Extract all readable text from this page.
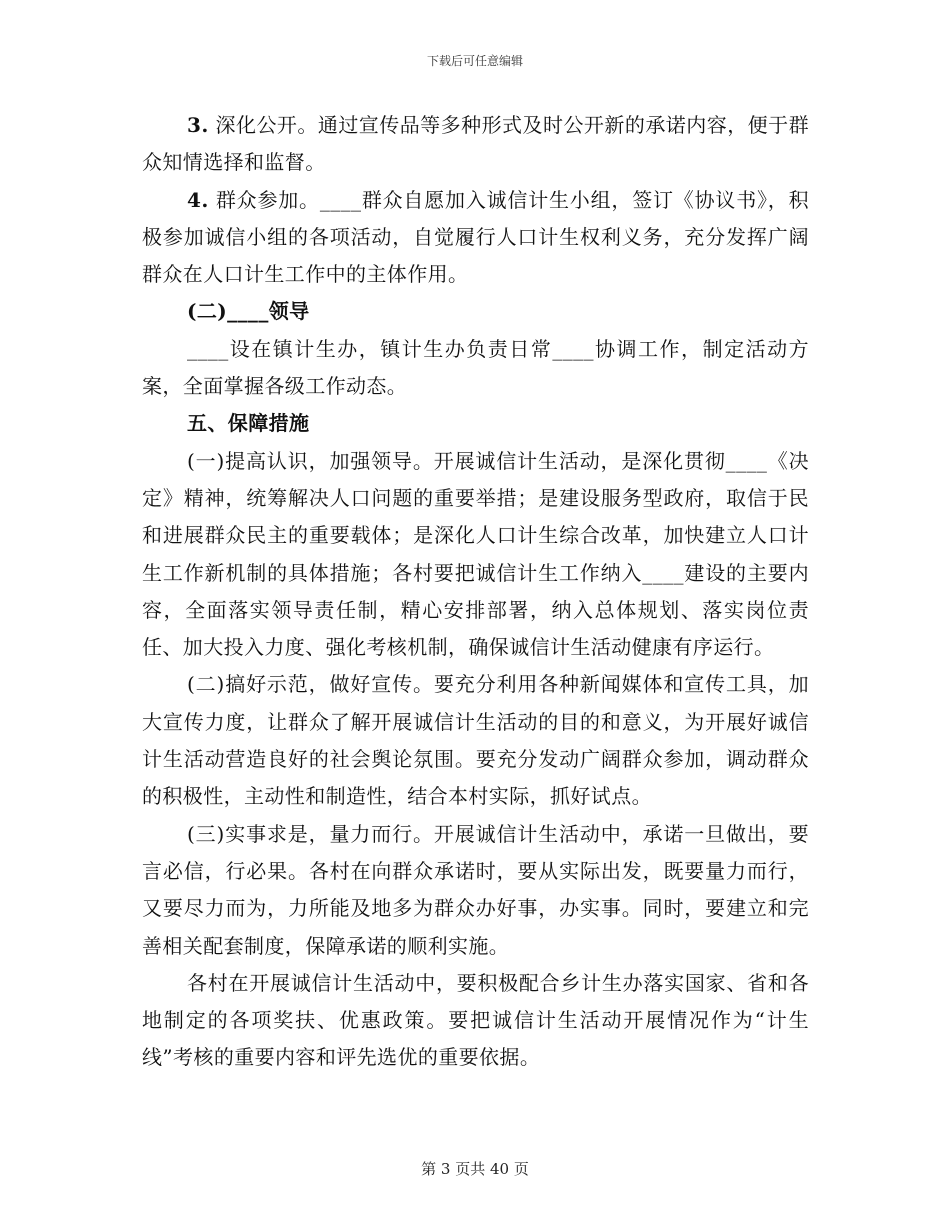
下载后可任意编辑

3. 深化公开。通过宣传品等多种形式及时公开新的承诺内容，便于群众知情选择和监督。

4. 群众参加。____群众自愿加入诚信计生小组，签订《协议书》，积极参加诚信小组的各项活动，自觉履行人口计生权利义务，充分发挥广阔群众在人口计生工作中的主体作用。

(二)____领导

____设在镇计生办，镇计生办负责日常____协调工作，制定活动方案，全面掌握各级工作动态。

五、保障措施

(一)提高认识，加强领导。开展诚信计生活动，是深化贯彻____《决定》精神，统筹解决人口问题的重要举措；是建设服务型政府，取信于民和进展群众民主的重要载体；是深化人口计生综合改革，加快建立人口计生工作新机制的具体措施；各村要把诚信计生工作纳入____建设的主要内容，全面落实领导责任制，精心安排部署，纳入总体规划、落实岗位责任、加大投入力度、强化考核机制，确保诚信计生活动健康有序运行。

(二)搞好示范，做好宣传。要充分利用各种新闻媒体和宣传工具，加大宣传力度，让群众了解开展诚信计生活动的目的和意义，为开展好诚信计生活动营造良好的社会舆论氛围。要充分发动广阔群众参加，调动群众的积极性，主动性和制造性，结合本村实际，抓好试点。

(三)实事求是，量力而行。开展诚信计生活动中，承诺一旦做出，要言必信，行必果。各村在向群众承诺时，要从实际出发，既要量力而行，又要尽力而为，力所能及地多为群众办好事，办实事。同时，要建立和完善相关配套制度，保障承诺的顺利实施。

各村在开展诚信计生活动中，要积极配合乡计生办落实国家、省和各地制定的各项奖扶、优惠政策。要把诚信计生活动开展情况作为“计生线”考核的重要内容和评先选优的重要依据。

第 3 页共 40 页
